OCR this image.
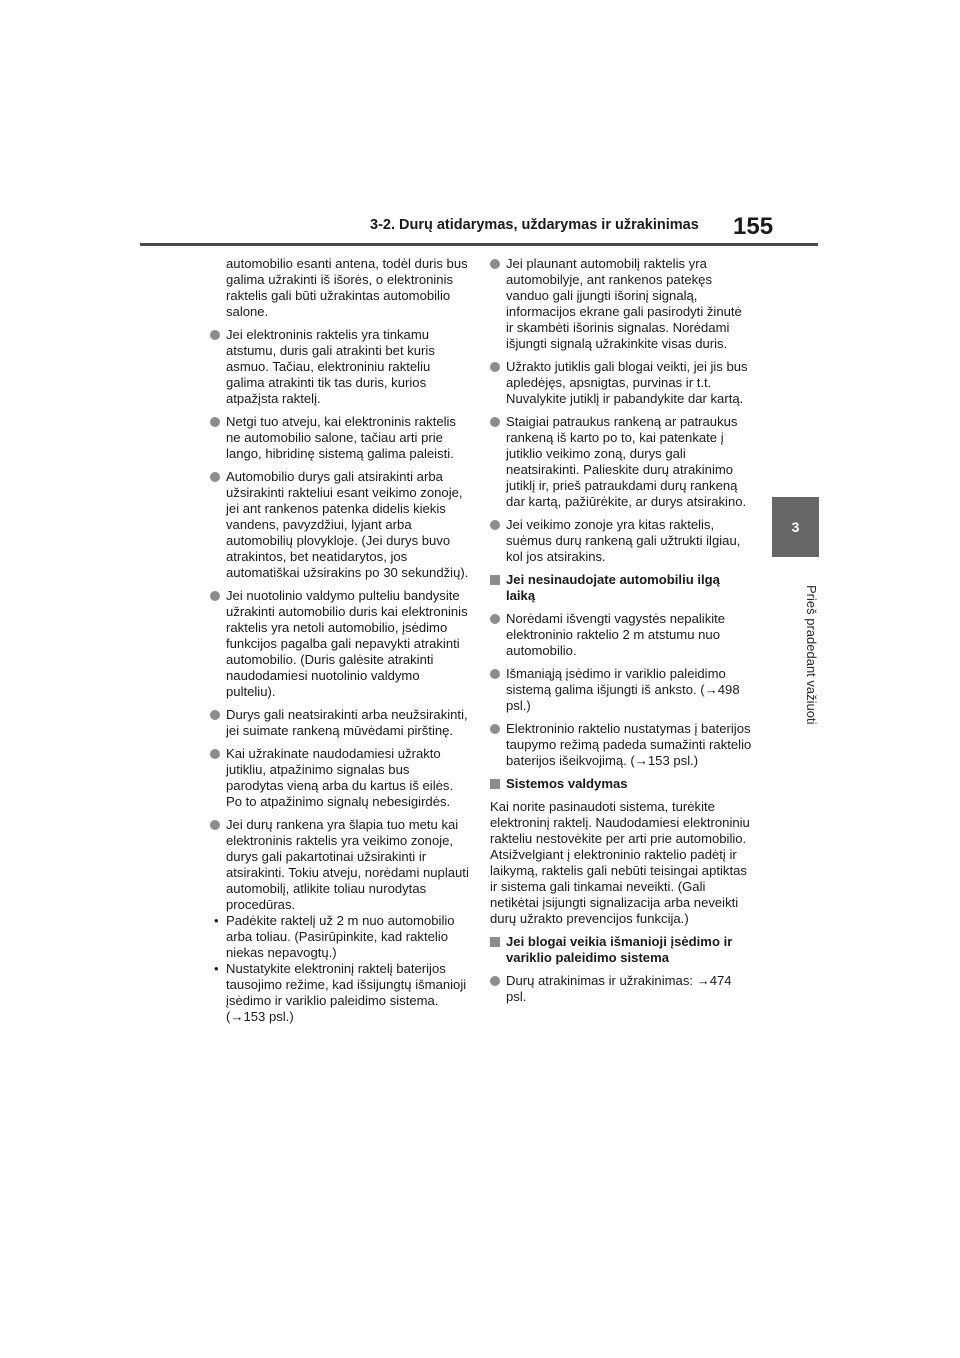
3-2. Durų atidarymas, uždarymas ir užrakinimas 155
3
Prieš pradedant važiuoti

automobilio esanti antena, todėl duris bus galima užrakinti iš išorės, o elektroninis raktelis gali būti užrakintas automobilio salone.

Jei elektroninis raktelis yra tinkamu atstumu, duris gali atrakinti bet kuris asmuo. Tačiau, elektroniniu rakteliu galima atrakinti tik tas duris, kurios atpažįsta raktelį.
Netgi tuo atveju, kai elektroninis raktelis ne automobilio salone, tačiau arti prie lango, hibridinę sistemą galima paleisti.
Automobilio durys gali atsirakinti arba užsirakinti rakteliui esant veikimo zonoje, jei ant rankenos patenka didelis kiekis vandens, pavyzdžiui, lyjant arba automobilių plovykloje. (Jei durys buvo atrakintos, bet neatidarytos, jos automatiškai užsirakins po 30 sekundžių).
Jei nuotolinio valdymo pulteliu bandysite užrakinti automobilio duris kai elektroninis raktelis yra netoli automobilio, įsėdimo funkcijos pagalba gali nepavykti atrakinti automobilio. (Duris galėsite atrakinti naudodamiesi nuotolinio valdymo pulteliu).
Durys gali neatsirakinti arba neužsirakinti, jei suimate rankeną mūvėdami pirštinę.
Kai užrakinate naudodamiesi užrakto jutikliu, atpažinimo signalas bus parodytas vieną arba du kartus iš eilės. Po to atpažinimo signalų nebesigirdės.
Jei durų rankena yra šlapia tuo metu kai elektroninis raktelis yra veikimo zonoje, durys gali pakartotinai užsirakinti ir atsirakinti. Tokiu atveju, norėdami nuplauti automobilį, atlikite toliau nurodytas procedūras.
• Padėkite raktelį už 2 m nuo automobilio arba toliau. (Pasirūpinkite, kad raktelio niekas nepavogtų.)
• Nustatykite elektroninį raktelį baterijos tausojimo režime, kad išsijungtų išmanioji įsėdimo ir variklio paleidimo sistema. (→153 psl.)
Jei plaunant automobilį raktelis yra automobilyje, ant rankenos patekęs vanduo gali įjungti išorinį signalą, informacijos ekrane gali pasirodyti žinutė ir skambėti išorinis signalas. Norėdami išjungti signalą užrakinkite visas duris.
Užrakto jutiklis gali blogai veikti, jei jis bus apledėjęs, apsnigtas, purvinas ir t.t. Nuvalykite jutiklį ir pabandykite dar kartą.
Staigiai patraukus rankeną ar patraukus rankeną iš karto po to, kai patenkate į jutiklio veikimo zoną, durys gali neatsirakinti. Palieskite durų atrakinimo jutiklį ir, prieš patraukdami durų rankeną dar kartą, pažiūrėkite, ar durys atsirakino.
Jei veikimo zonoje yra kitas raktelis, suėmus durų rankeną gali užtrukti ilgiau, kol jos atsirakins.
Jei nesinaudojate automobiliu ilgą laiką
Norėdami išvengti vagystės nepalikite elektroninio raktelio 2 m atstumu nuo automobilio.
Išmaniąją įsėdimo ir variklio paleidimo sistemą galima išjungti iš anksto. (→498 psl.)
Elektroninio raktelio nustatymas į baterijos taupymo režimą padeda sumažinti raktelio baterijos išeikvojimą. (→153 psl.)
Sistemos valdymas

Kai norite pasinaudoti sistema, turėkite elektroninį raktelį. Naudodamiesi elektroniniu rakteliu nestovėkite per arti prie automobilio.

Atsižvelgiant į elektroninio raktelio padėtį ir laikymą, raktelis gali nebūti teisingai aptiktas ir sistema gali tinkamai neveikti. (Gali netikėtai įsijungti signalizacija arba neveikti durų užrakto prevencijos funkcija.)

Jei blogai veikia išmanioji įsėdimo ir variklio paleidimo sistema
Durų atrakinimas ir užrakinimas: →474 psl.
